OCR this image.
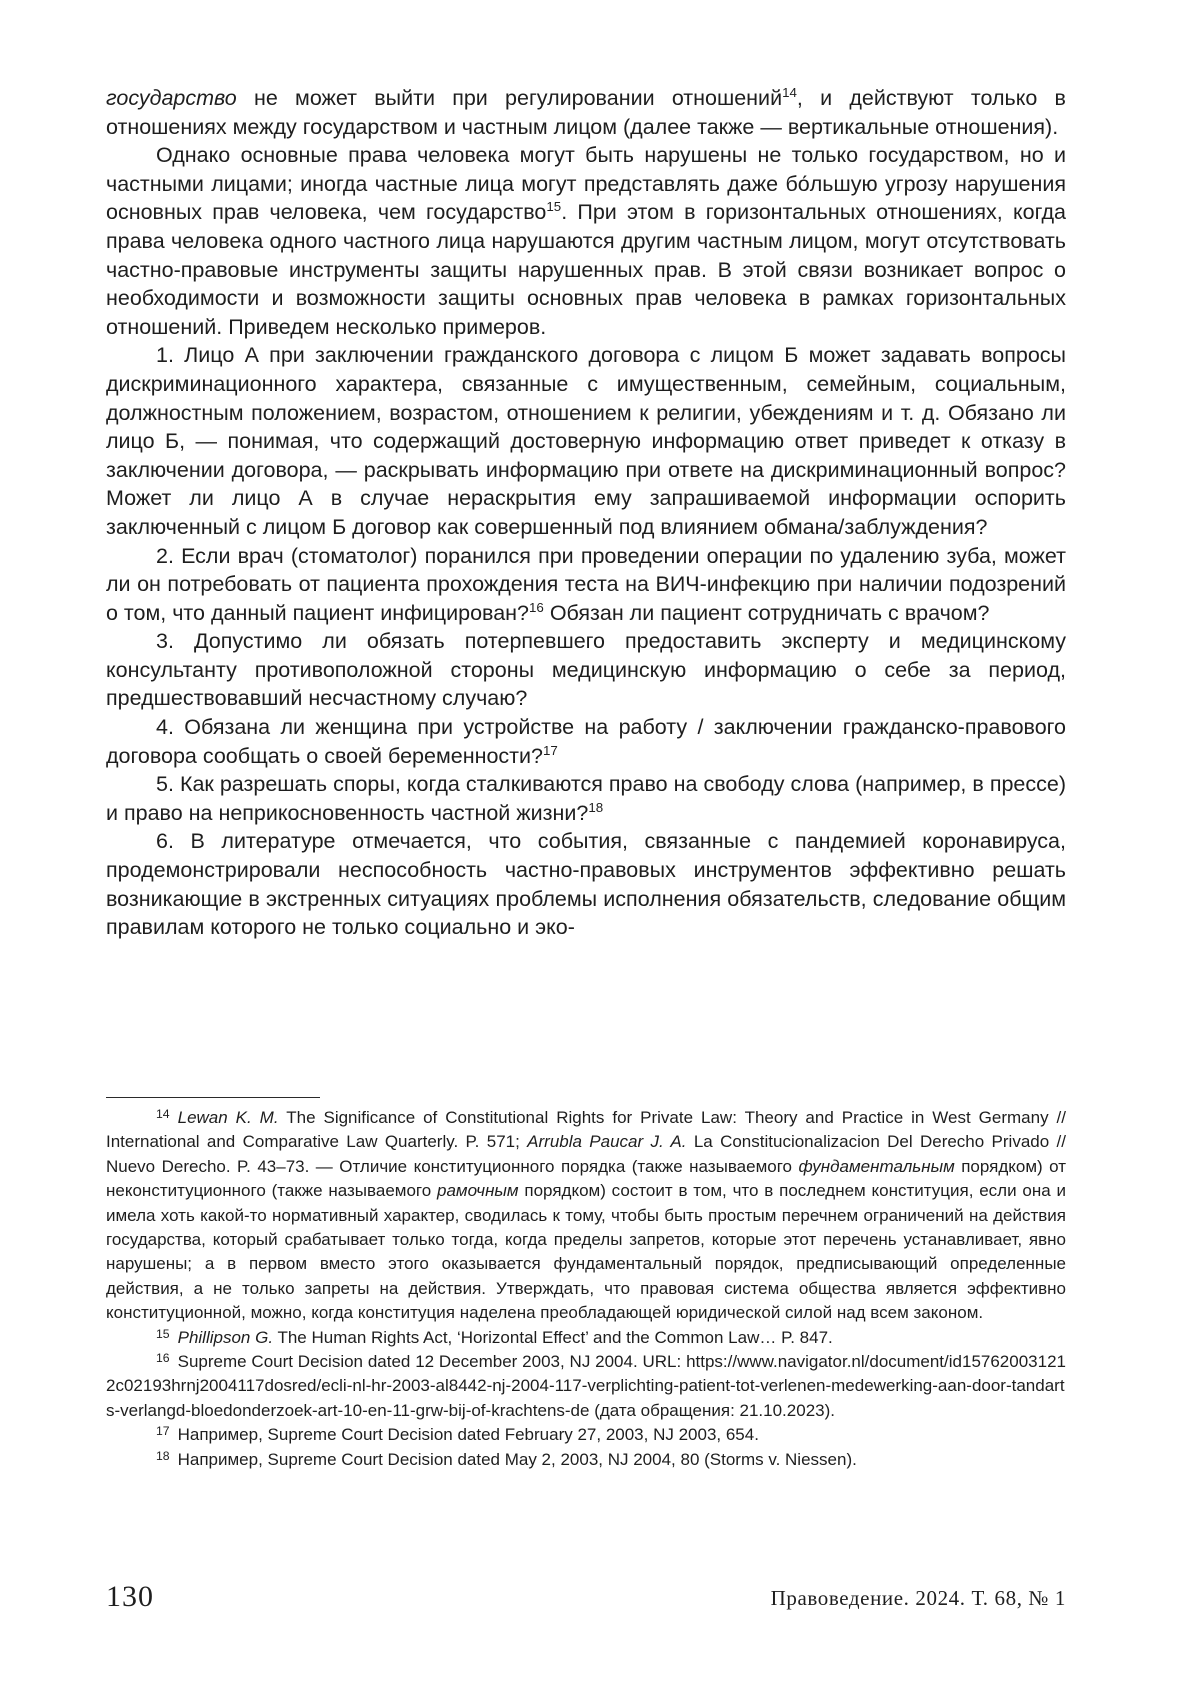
государство не может выйти при регулировании отношений$^{14}$, и действуют только в отношениях между государством и частным лицом (далее также — вертикальные отношения).

Однако основные права человека могут быть нарушены не только государством, но и частными лицами; иногда частные лица могут представлять даже бо́льшую угрозу нарушения основных прав человека, чем государство$^{15}$. При этом в горизонтальных отношениях, когда права человека одного частного лица нарушаются другим частным лицом, могут отсутствовать частно-правовые инструменты защиты нарушенных прав. В этой связи возникает вопрос о необходимости и возможности защиты основных прав человека в рамках горизонтальных отношений. Приведем несколько примеров.

1. Лицо А при заключении гражданского договора с лицом Б может задавать вопросы дискриминационного характера, связанные с имущественным, семейным, социальным, должностным положением, возрастом, отношением к религии, убеждениям и т. д. Обязано ли лицо Б, — понимая, что содержащий достоверную информацию ответ приведет к отказу в заключении договора, — раскрывать информацию при ответе на дискриминационный вопрос? Может ли лицо А в случае нераскрытия ему запрашиваемой информации оспорить заключенный с лицом Б договор как совершенный под влиянием обмана/заблуждения?

2. Если врач (стоматолог) поранился при проведении операции по удалению зуба, может ли он потребовать от пациента прохождения теста на ВИЧ-инфекцию при наличии подозрений о том, что данный пациент инфицирован?$^{16}$ Обязан ли пациент сотрудничать с врачом?

3. Допустимо ли обязать потерпевшего предоставить эксперту и медицинскому консультанту противоположной стороны медицинскую информацию о себе за период, предшествовавший несчастному случаю?

4. Обязана ли женщина при устройстве на работу / заключении гражданско-правового договора сообщать о своей беременности?$^{17}$

5. Как разрешать споры, когда сталкиваются право на свободу слова (например, в прессе) и право на неприкосновенность частной жизни?$^{18}$

6. В литературе отмечается, что события, связанные с пандемией коронавируса, продемонстрировали неспособность частно-правовых инструментов эффективно решать возникающие в экстренных ситуациях проблемы исполнения обязательств, следование общим правилам которого не только социально и эко-

$^{14}$ Lewan K. M. The Significance of Constitutional Rights for Private Law: Theory and Practice in West Germany // International and Comparative Law Quarterly. P. 571; Arrubla Paucar J. A. La Constitucionalizacion Del Derecho Privado // Nuevo Derecho. P. 43–73. — Отличие конституционного порядка (также называемого фундаментальным порядком) от неконституционного (также называемого рамочным порядком) состоит в том, что в последнем конституция, если она и имела хоть какой-то нормативный характер, сводилась к тому, чтобы быть простым перечнем ограничений на действия государства, который срабатывает только тогда, когда пределы запретов, которые этот перечень устанавливает, явно нарушены; а в первом вместо этого оказывается фундаментальный порядок, предписывающий определенные действия, а не только запреты на действия. Утверждать, что правовая система общества является эффективно конституционной, можно, когда конституция наделена преобладающей юридической силой над всем законом.

$^{15}$ Phillipson G. The Human Rights Act, ‘Horizontal Effect’ and the Common Law… P. 847.

$^{16}$ Supreme Court Decision dated 12 December 2003, NJ 2004. URL: https://www.navigator.nl/document/id157620031212c02193hrnj2004117dosred/ecli-nl-hr-2003-al8442-nj-2004-117-verplichting-patient-tot-verlenen-medewerking-aan-door-tandarts-verlangd-bloedonderzoek-art-10-en-11-grw-bij-of-krachtens-de (дата обращения: 21.10.2023).

$^{17}$ Например, Supreme Court Decision dated February 27, 2003, NJ 2003, 654.

$^{18}$ Например, Supreme Court Decision dated May 2, 2003, NJ 2004, 80 (Storms v. Niessen).

130	Правоведение. 2024. Т. 68, № 1
